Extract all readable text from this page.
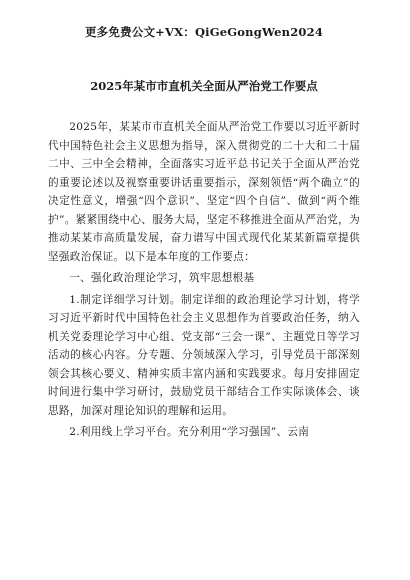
更多免费公文+VX：QiGeGongWen2024
2025年某市市直机关全面从严治党工作要点

2025年，某某市市直机关全面从严治党工作要以习近平新时代中国特色社会主义思想为指导，深入贯彻党的二十大和二十届二中、三中全会精神，全面落实习近平总书记关于全面从严治党的重要论述以及视察重要讲话重要指示，深刻领悟“两个确立”的决定性意义，增强“四个意识”、坚定“四个自信”、做到“两个维护”。紧紧围绕中心、服务大局，坚定不移推进全面从严治党，为推动某某市高质量发展，奋力谱写中国式现代化某某新篇章提供坚强政治保证。以下是本年度的工作要点：

一、强化政治理论学习，筑牢思想根基

1.制定详细学习计划。制定详细的政治理论学习计划，将学习习近平新时代中国特色社会主义思想作为首要政治任务，纳入机关党委理论学习中心组、党支部“三会一课”、主题党日等学习活动的核心内容。分专题、分领域深入学习，引导党员干部深刻领会其核心要义、精神实质丰富内涵和实践要求。每月安排固定时间进行集中学习研讨，鼓励党员干部结合工作实际谈体会、谈思路，加深对理论知识的理解和运用。

2.利用线上学习平台。充分利用“学习强国”、云南
